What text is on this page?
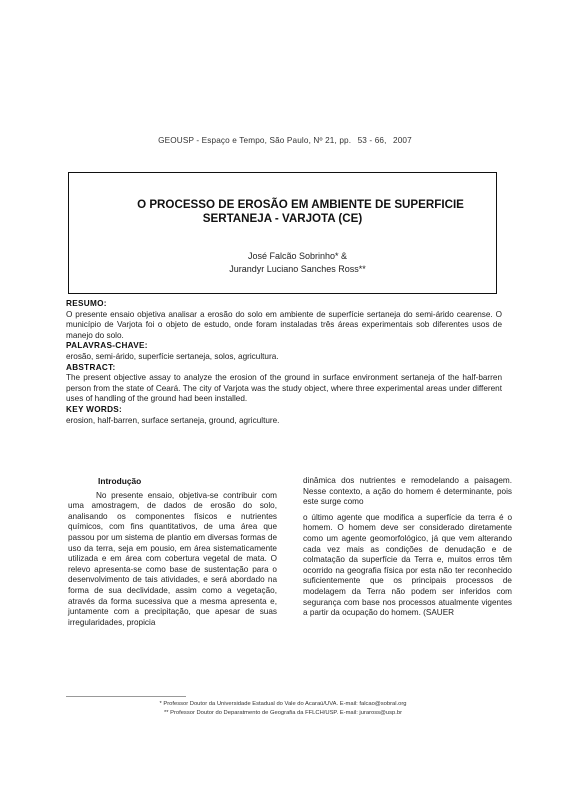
GEOUSP - Espaço e Tempo, São Paulo, Nº 21, pp. 53 - 66, 2007
O PROCESSO DE EROSÃO EM AMBIENTE DE SUPERFICIE
SERTANEJA - VARJOTA (CE)
José Falcão Sobrinho* &
Jurandyr Luciano Sanches Ross**

RESUMO:

O presente ensaio objetiva analisar a erosão do solo em ambiente de superfície sertaneja do semi-árido cearense. O município de Varjota foi o objeto de estudo, onde foram instaladas três áreas experimentais sob diferentes usos de manejo do solo.

PALAVRAS-CHAVE:

erosão, semi-árido, superfície sertaneja, solos, agricultura.

ABSTRACT:

The present objective assay to analyze the erosion of the ground in surface environment sertaneja of the half-barren person from the state of Ceará. The city of Varjota was the study object, where three experimental areas under different uses of handling of the ground had been installed.

KEY WORDS:

erosion, half-barren, surface sertaneja, ground, agriculture.

Introdução

No presente ensaio, objetiva-se contribuir com uma amostragem, de dados de erosão do solo, analisando os componentes físicos e nutrientes químicos, com fins quantitativos, de uma área que passou por um sistema de plantio em diversas formas de uso da terra, seja em pousio, em área sistematicamente utilizada e em área com cobertura vegetal de mata. O relevo apresenta-se como base de sustentação para o desenvolvimento de tais atividades, e será abordado na forma de sua declividade, assim como a vegetação, através da forma sucessiva que a mesma apresenta e, juntamente com a precipitação, que apesar de suas irregularidades, propicia

dinâmica dos nutrientes e remodelando a paisagem. Nesse contexto, a ação do homem é determinante, pois este surge como

o último agente que modifica a superfície da terra é o homem. O homem deve ser considerado diretamente como um agente geomorfológico, já que vem alterando cada vez mais as condições de denudação e de colmatação da superfície da Terra e, muitos erros têm ocorrido na geografia física por esta não ter reconhecido suficientemente que os principais processos de modelagem da Terra não podem ser inferidos com segurança com base nos processos atualmente vigentes a partir da ocupação do homem. (SAUER

* Professor Doutor da Universidade Estadual do Vale do Acaraú/UVA. E-mail: falcao@sobral.org
** Professor Doutor do Deparatmento de Geografia da FFLCH/USP. E-mail: juraross@usp.br
